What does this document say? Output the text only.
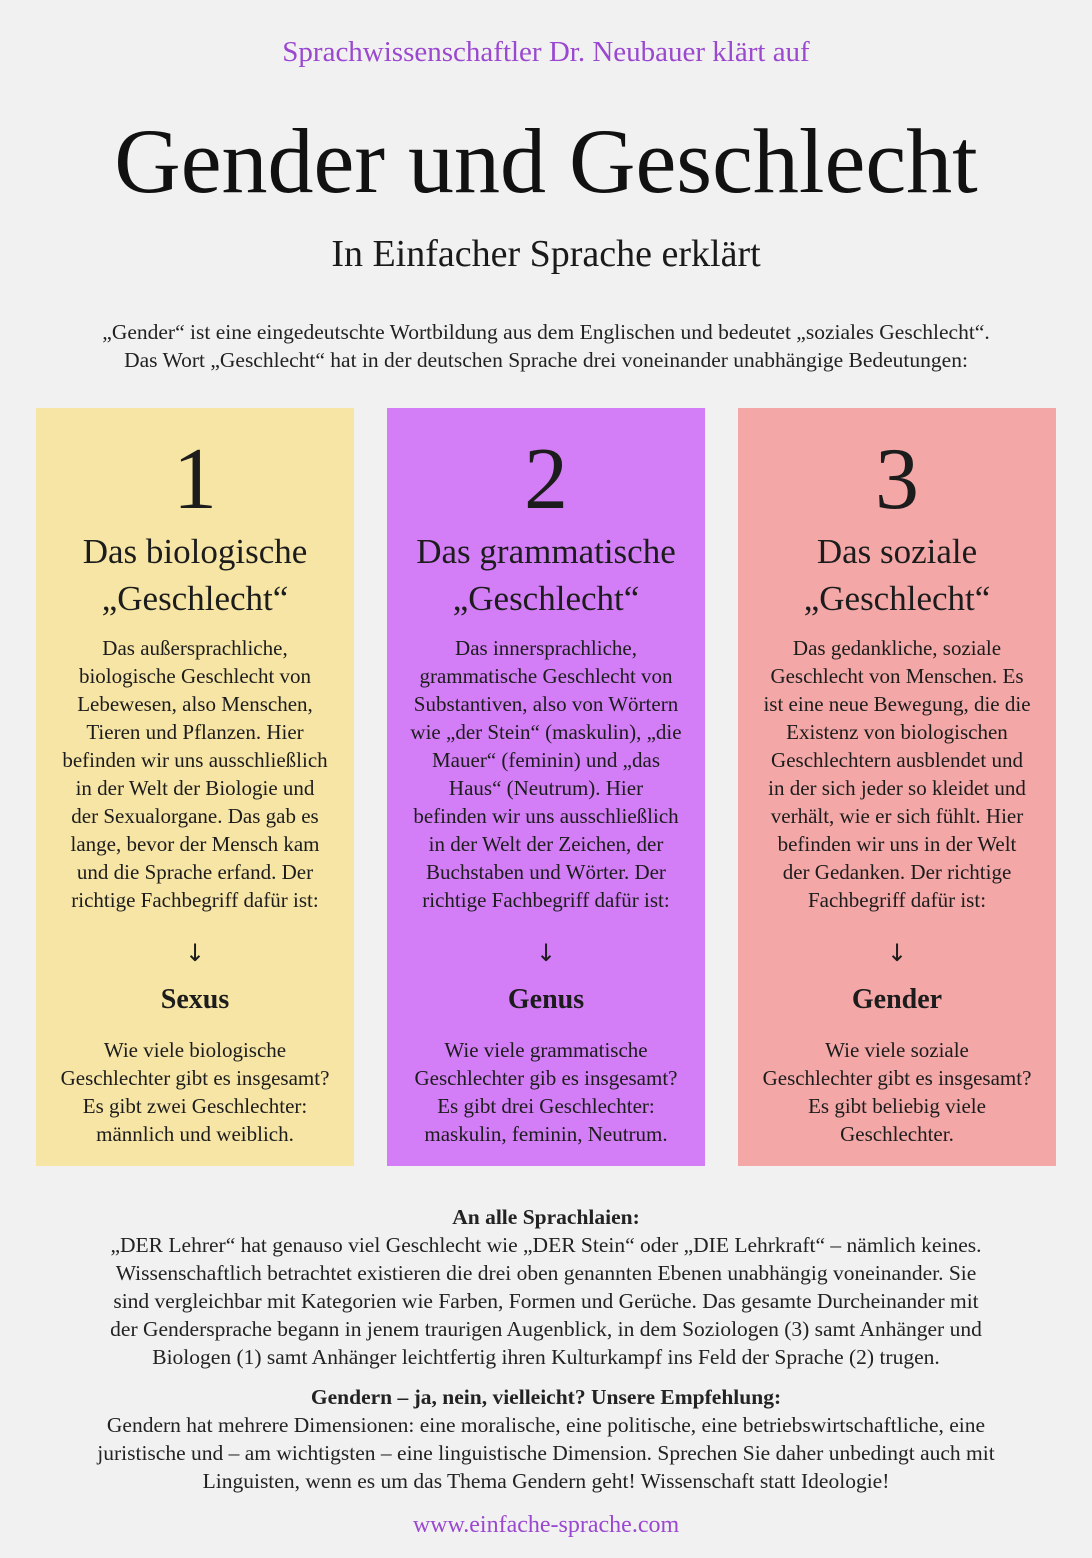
Sprachwissenschaftler Dr. Neubauer klärt auf
Gender und Geschlecht
In Einfacher Sprache erklärt
„Gender“ ist eine eingedeutschte Wortbildung aus dem Englischen und bedeutet „soziales Geschlecht“.
Das Wort „Geschlecht“ hat in der deutschen Sprache drei voneinander unabhängige Bedeutungen:
1
Das biologische
„Geschlecht“
Das außersprachliche,
biologische Geschlecht von
Lebewesen, also Menschen,
Tieren und Pflanzen. Hier
befinden wir uns ausschließlich
in der Welt der Biologie und
der Sexualorgane. Das gab es
lange, bevor der Mensch kam
und die Sprache erfand. Der
richtige Fachbegriff dafür ist:
↓
Sexus
Wie viele biologische
Geschlechter gibt es insgesamt?
Es gibt zwei Geschlechter:
männlich und weiblich.
2
Das grammatische
„Geschlecht“
Das innersprachliche,
grammatische Geschlecht von
Substantiven, also von Wörtern
wie „der Stein“ (maskulin), „die
Mauer“ (feminin) und „das
Haus“ (Neutrum). Hier
befinden wir uns ausschließlich
in der Welt der Zeichen, der
Buchstaben und Wörter. Der
richtige Fachbegriff dafür ist:
↓
Genus
Wie viele grammatische
Geschlechter gib es insgesamt?
Es gibt drei Geschlechter:
maskulin, feminin, Neutrum.
3
Das soziale
„Geschlecht“
Das gedankliche, soziale
Geschlecht von Menschen. Es
ist eine neue Bewegung, die die
Existenz von biologischen
Geschlechtern ausblendet und
in der sich jeder so kleidet und
verhält, wie er sich fühlt. Hier
befinden wir uns in der Welt
der Gedanken. Der richtige
Fachbegriff dafür ist:
↓
Gender
Wie viele soziale
Geschlechter gibt es insgesamt?
Es gibt beliebig viele
Geschlechter.
An alle Sprachlaien:
„DER Lehrer“ hat genauso viel Geschlecht wie „DER Stein“ oder „DIE Lehrkraft“ – nämlich keines.
Wissenschaftlich betrachtet existieren die drei oben genannten Ebenen unabhängig voneinander. Sie
sind vergleichbar mit Kategorien wie Farben, Formen und Gerüche. Das gesamte Durcheinander mit
der Gendersprache begann in jenem traurigen Augenblick, in dem Soziologen (3) samt Anhänger und
Biologen (1) samt Anhänger leichtfertig ihren Kulturkampf ins Feld der Sprache (2) trugen.
Gendern – ja, nein, vielleicht? Unsere Empfehlung:
Gendern hat mehrere Dimensionen: eine moralische, eine politische, eine betriebswirtschaftliche, eine
juristische und – am wichtigsten – eine linguistische Dimension. Sprechen Sie daher unbedingt auch mit
Linguisten, wenn es um das Thema Gendern geht! Wissenschaft statt Ideologie!
www.einfache-sprache.com
